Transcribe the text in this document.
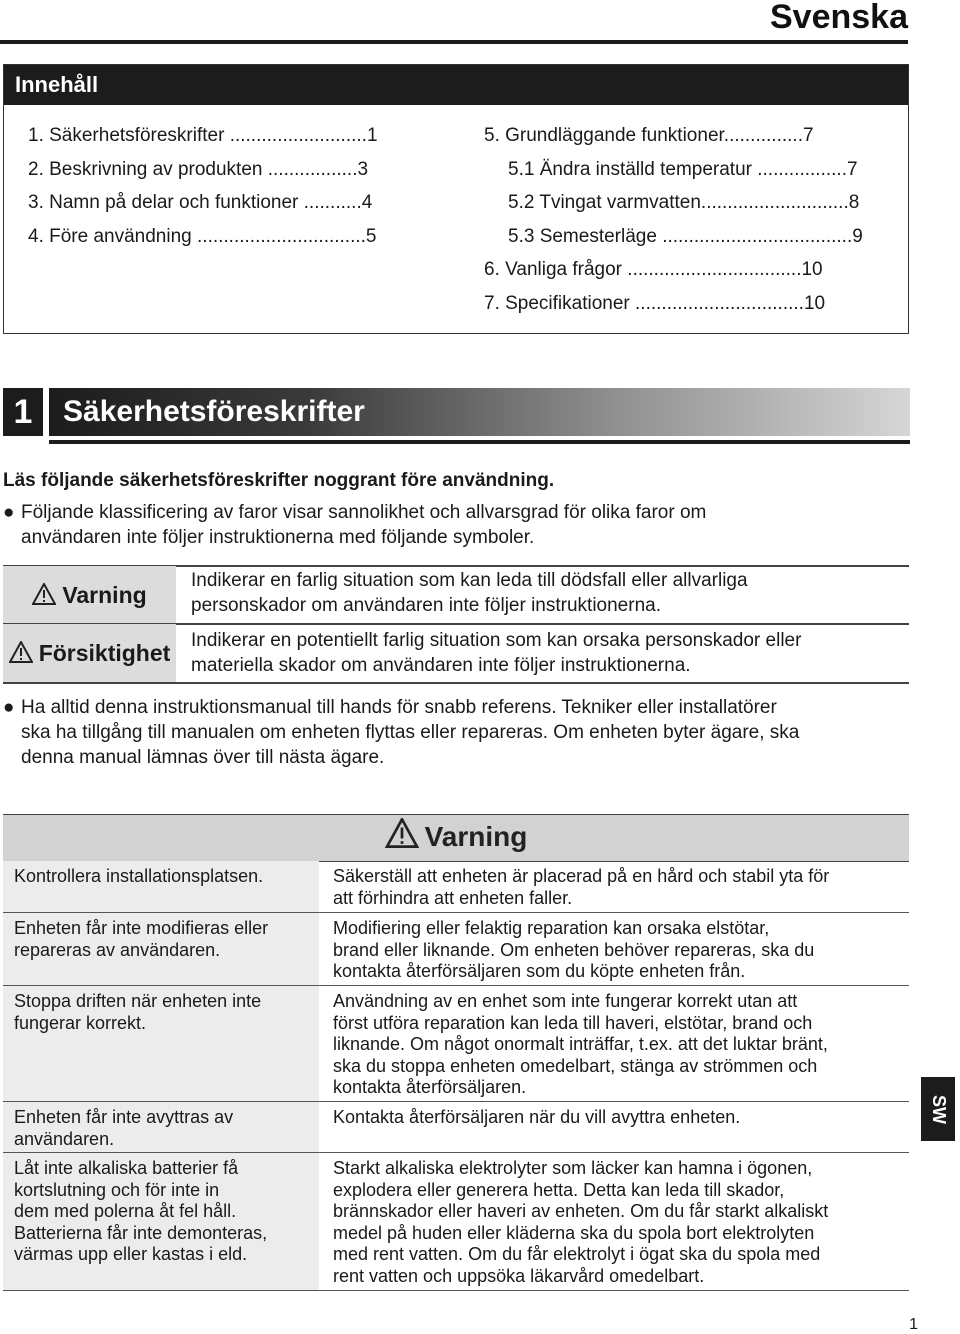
Svenska
Innehåll
1. Säkerhetsföreskrifter ..........................1
2. Beskrivning av produkten .................3
3. Namn på delar och funktioner ...........4
4. Före användning ................................5
5. Grundläggande funktioner...............7
5.1 Ändra inställd temperatur .................7
5.2 Tvingat varmvatten............................8
5.3 Semesterläge ....................................9
6. Vanliga frågor .................................10
7. Specifikationer ................................10
1	Säkerhetsföreskrifter
Läs följande säkerhetsföreskrifter noggrant före användning.
● Följande klassificering av faror visar sannolikhet och allvarsgrad för olika faror om
användaren inte följer instruktionerna med följande symboler.
Varning
Indikerar en farlig situation som kan leda till dödsfall eller allvarliga
personskador om användaren inte följer instruktionerna.
Försiktighet Indikerar en potentiellt farlig situation som kan orsaka personskador eller
materiella skador om användaren inte följer instruktionerna.
● Ha alltid denna instruktionsmanual till hands för snabb referens. Tekniker eller installatörer
ska ha tillgång till manualen om enheten flyttas eller repareras. Om enheten byter ägare, ska
denna manual lämnas över till nästa ägare.
Varning
Kontrollera installationsplatsen.	Säkerställ att enheten är placerad på en hård och stabil yta för
att förhindra att enheten faller.
Enheten får inte modifieras eller
repareras av användaren.
Modifiering eller felaktig reparation kan orsaka elstötar,
brand eller liknande. Om enheten behöver repareras, ska du
kontakta återförsäljaren som du köpte enheten från.
Stoppa driften när enheten inte
fungerar korrekt.
Användning av en enhet som inte fungerar korrekt utan att
först utföra reparation kan leda till haveri, elstötar, brand och
liknande. Om något onormalt inträffar, t.ex. att det luktar bränt,
ska du stoppa enheten omedelbart, stänga av strömmen och
kontakta återförsäljaren.
Enheten får inte avyttras av
användaren.
Kontakta återförsäljaren när du vill avyttra enheten.
Låt inte alkaliska batterier få
kortslutning och för inte in
dem med polerna åt fel håll.
Batterierna får inte demonteras,
värmas upp eller kastas i eld.
Starkt alkaliska elektrolyter som läcker kan hamna i ögonen,
explodera eller generera hetta. Detta kan leda till skador,
brännskador eller haveri av enheten. Om du får starkt alkaliskt
medel på huden eller kläderna ska du spola bort elektrolyten
med rent vatten. Om du får elektrolyt i ögat ska du spola med
rent vatten och uppsöka läkarvård omedelbart.
SW
1
